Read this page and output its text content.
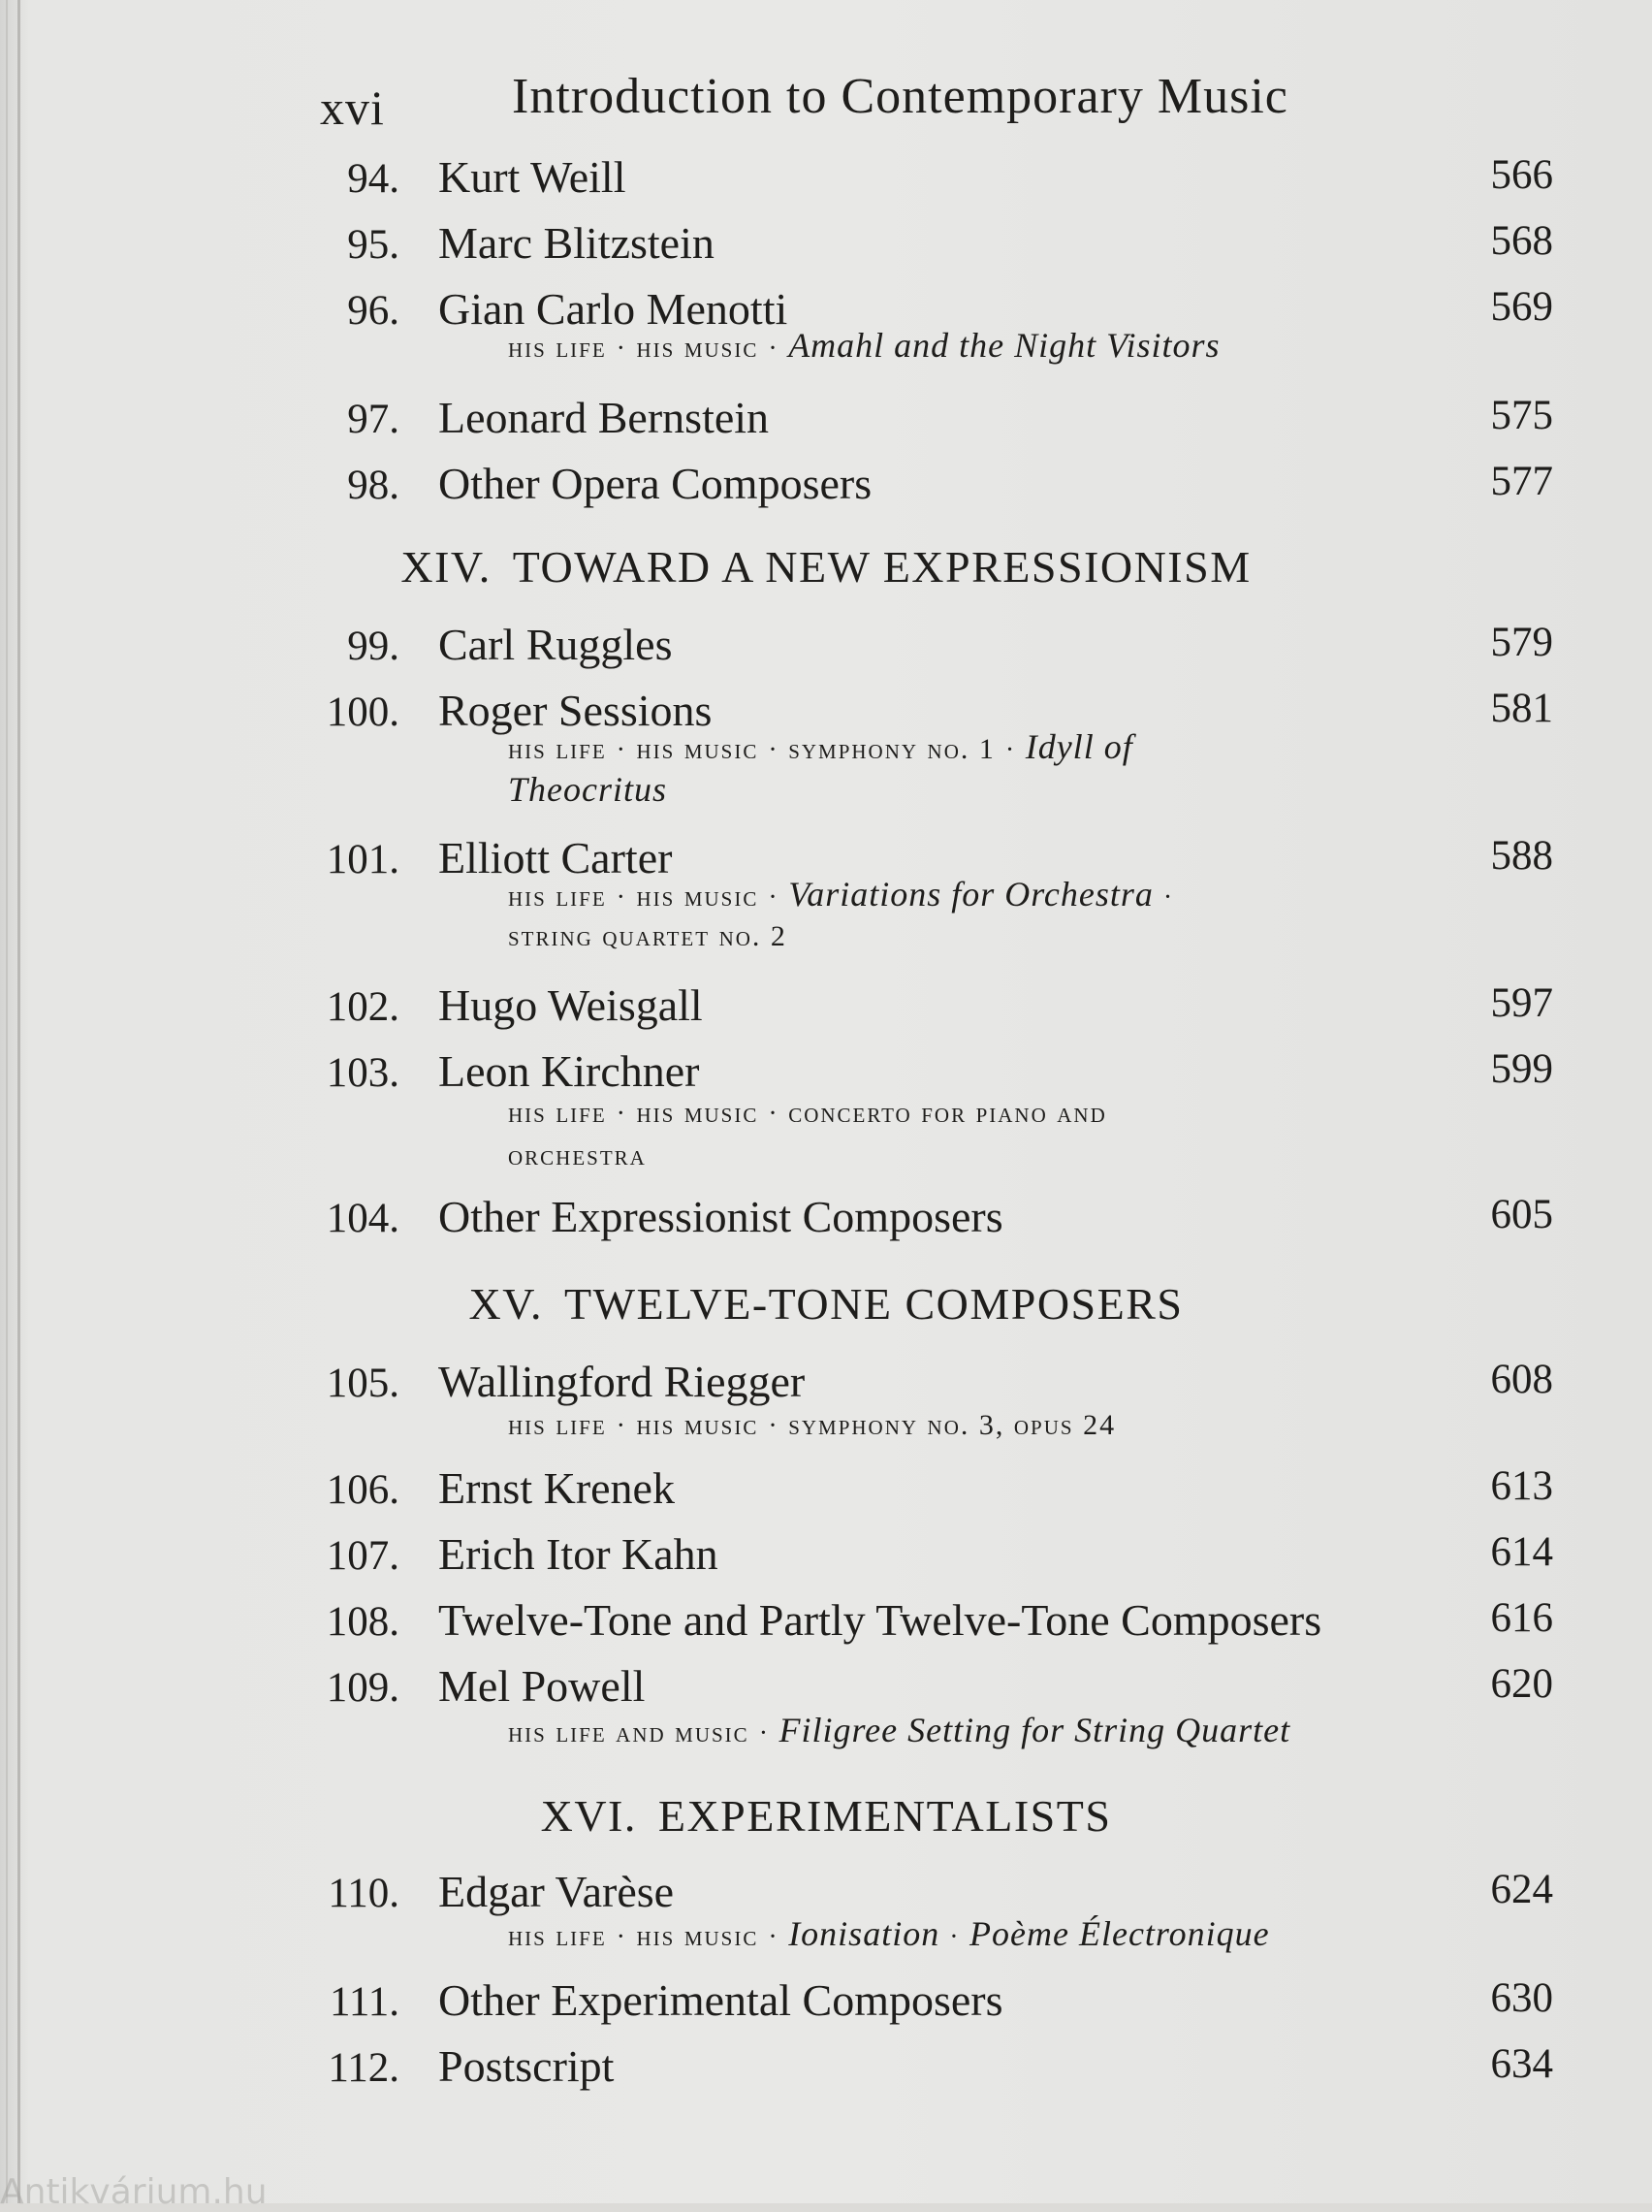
xvi	Introduction to Contemporary Music
94. Kurt Weill	566
95. Marc Blitzstein	568
96. Gian Carlo Menotti	569
his life · his music · Amahl and the Night Visitors
97. Leonard Bernstein	575
98. Other Opera Composers	577
XIV. TOWARD A NEW EXPRESSIONISM
99. Carl Ruggles	579
100. Roger Sessions	581
his life · his music · symphony no. 1 · Idyll of
Theocritus
101. Elliott Carter	588
his life · his music · Variations for Orchestra ·
string quartet no. 2
102. Hugo Weisgall	597
103. Leon Kirchner	599
his life · his music · concerto for piano and
orchestra
104. Other Expressionist Composers	605
XV. TWELVE-TONE COMPOSERS
105. Wallingford Riegger	608
his life · his music · symphony no. 3, opus 24
106. Ernst Krenek	613
107. Erich Itor Kahn	614
108. Twelve-Tone and Partly Twelve-Tone Composers	616
109. Mel Powell	620
his life and music · Filigree Setting for String Quartet
XVI. EXPERIMENTALISTS
110. Edgar Varèse	624
his life · his music · Ionisation · Poème Électronique
111. Other Experimental Composers	630
112. Postscript	634
Antikvárium.hu
